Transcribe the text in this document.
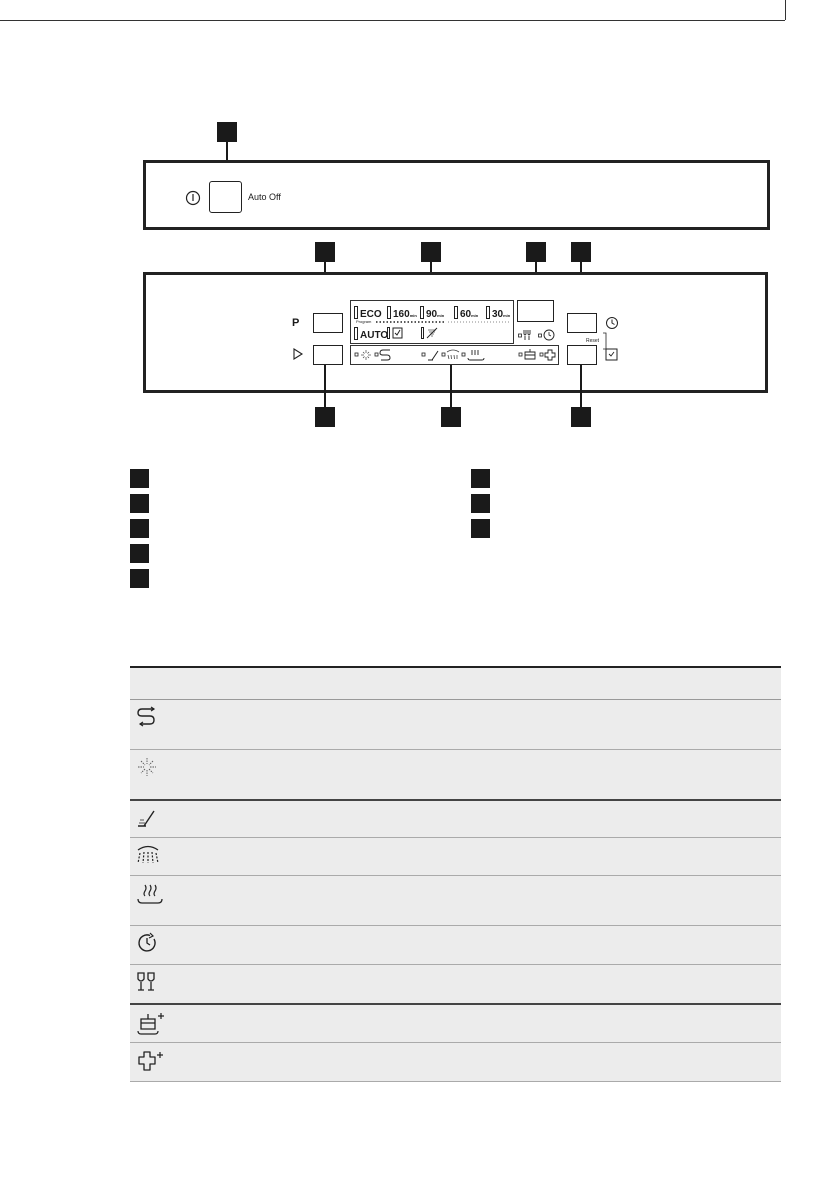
Auto Off
P
ECO	160min 90min	60min	30min
Program
AUTO	Reset
